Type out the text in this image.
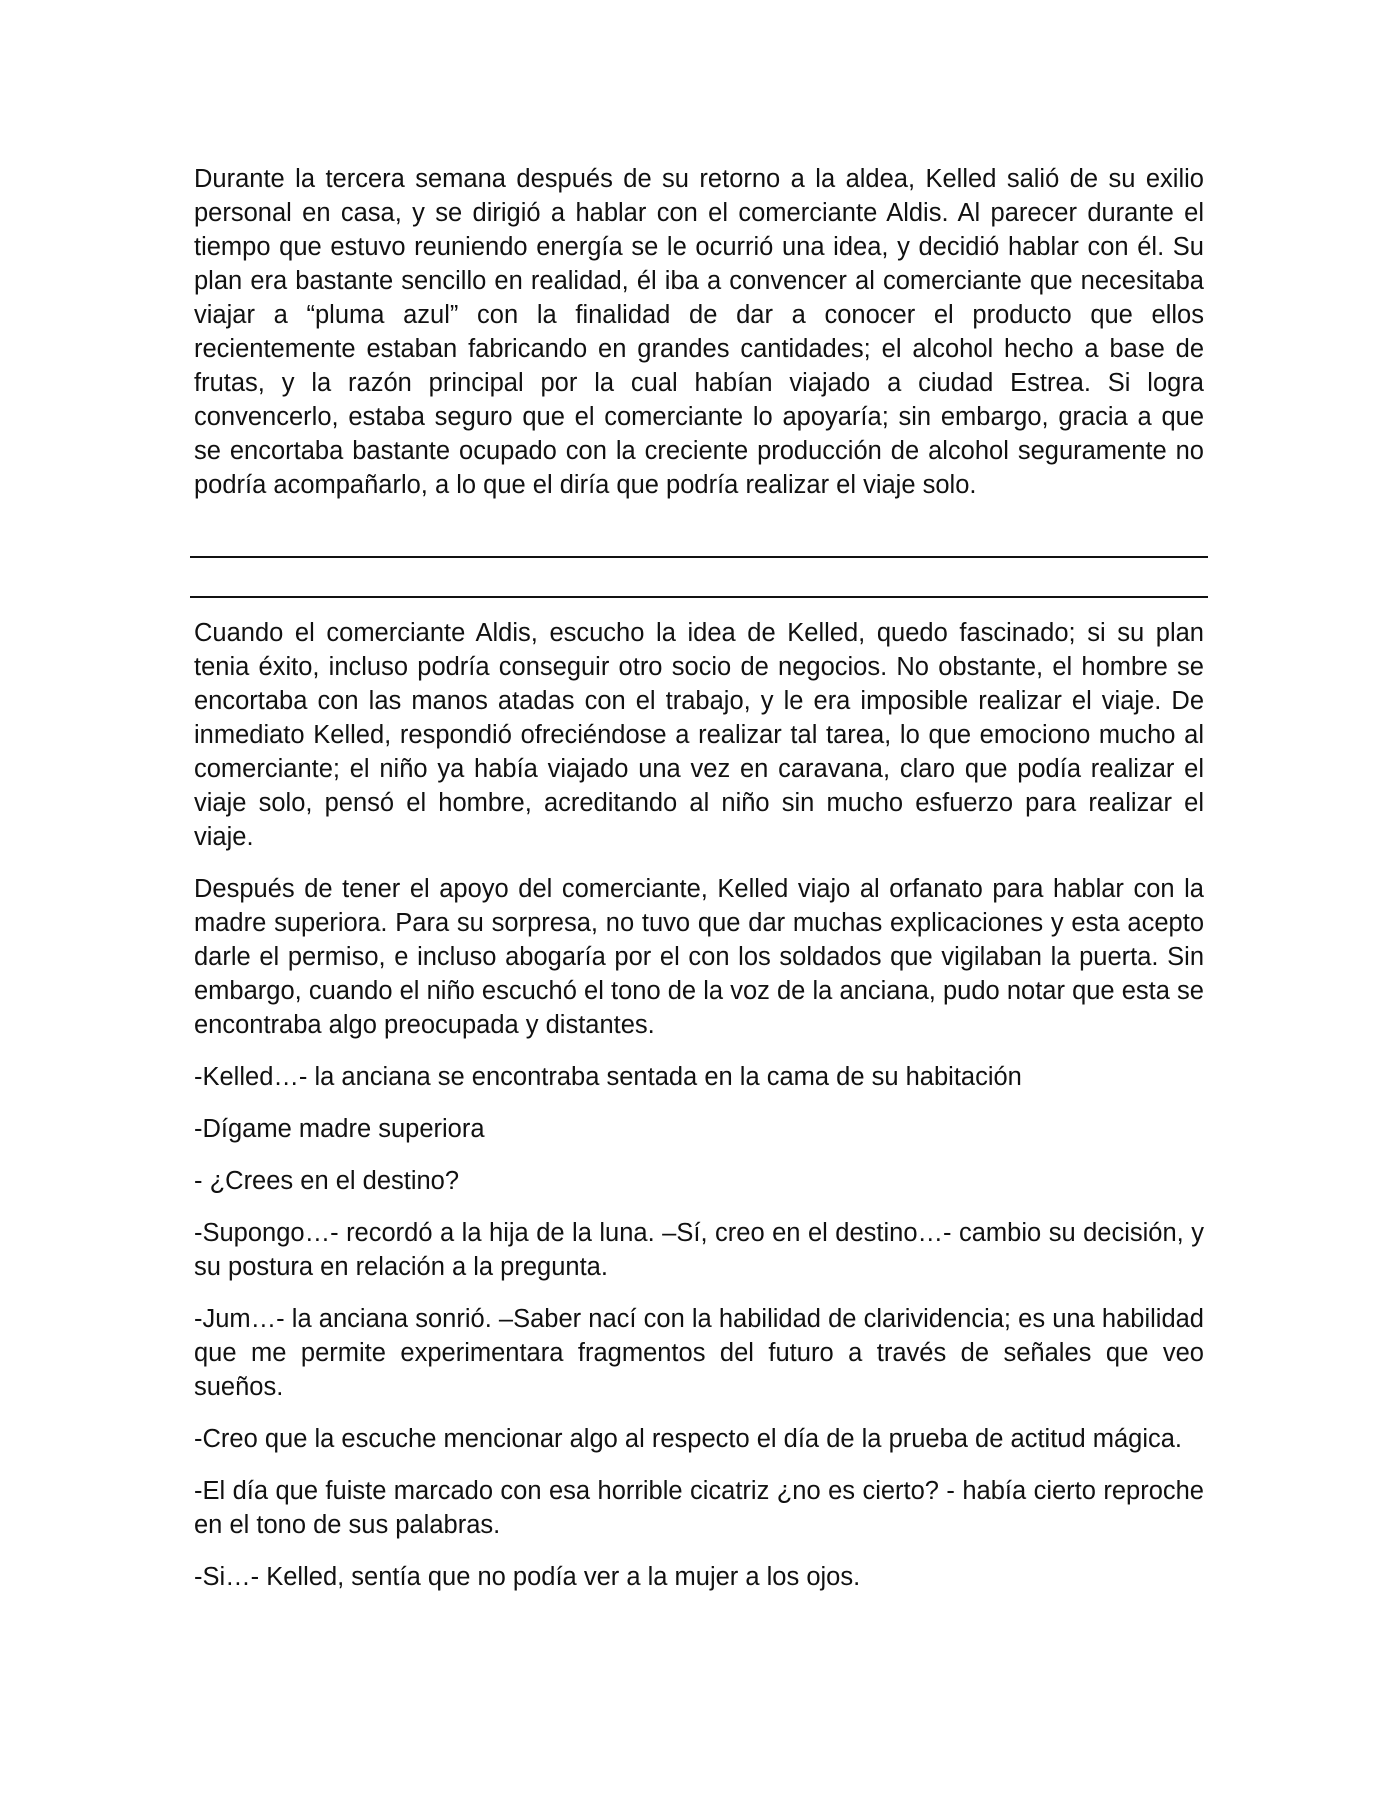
Durante la tercera semana después de su retorno a la aldea, Kelled salió de su exilio personal en casa, y se dirigió a hablar con el comerciante Aldis. Al parecer durante el tiempo que estuvo reuniendo energía se le ocurrió una idea, y decidió hablar con él. Su plan era bastante sencillo en realidad, él iba a convencer al comerciante que necesitaba viajar a “pluma azul” con la finalidad de dar a conocer el producto que ellos recientemente estaban fabricando en grandes cantidades; el alcohol hecho a base de frutas, y la razón principal por la cual habían viajado a ciudad Estrea. Si logra convencerlo, estaba seguro que el comerciante lo apoyaría; sin embargo, gracia a que se encortaba bastante ocupado con la creciente producción de alcohol seguramente no podría acompañarlo, a lo que el diría que podría realizar el viaje solo.

Cuando el comerciante Aldis, escucho la idea de Kelled, quedo fascinado; si su plan tenia éxito, incluso podría conseguir otro socio de negocios. No obstante, el hombre se encortaba con las manos atadas con el trabajo, y le era imposible realizar el viaje. De inmediato Kelled, respondió ofreciéndose a realizar tal tarea, lo que emociono mucho al comerciante; el niño ya había viajado una vez en caravana, claro que podía realizar el viaje solo, pensó el hombre, acreditando al niño sin mucho esfuerzo para realizar el viaje.

Después de tener el apoyo del comerciante, Kelled viajo al orfanato para hablar con la madre superiora. Para su sorpresa, no tuvo que dar muchas explicaciones y esta acepto darle el permiso, e incluso abogaría por el con los soldados que vigilaban la puerta. Sin embargo, cuando el niño escuchó el tono de la voz de la anciana, pudo notar que esta se encontraba algo preocupada y distantes.

-Kelled…- la anciana se encontraba sentada en la cama de su habitación

-Dígame madre superiora

- ¿Crees en el destino?

-Supongo…- recordó a la hija de la luna. –Sí, creo en el destino…- cambio su decisión, y su postura en relación a la pregunta.

-Jum…- la anciana sonrió. –Saber nací con la habilidad de clarividencia; es una habilidad que me permite experimentara fragmentos del futuro a través de señales que veo sueños.

-Creo que la escuche mencionar algo al respecto el día de la prueba de actitud mágica.

-El día que fuiste marcado con esa horrible cicatriz ¿no es cierto? - había cierto reproche en el tono de sus palabras.

-Si…- Kelled, sentía que no podía ver a la mujer a los ojos.
